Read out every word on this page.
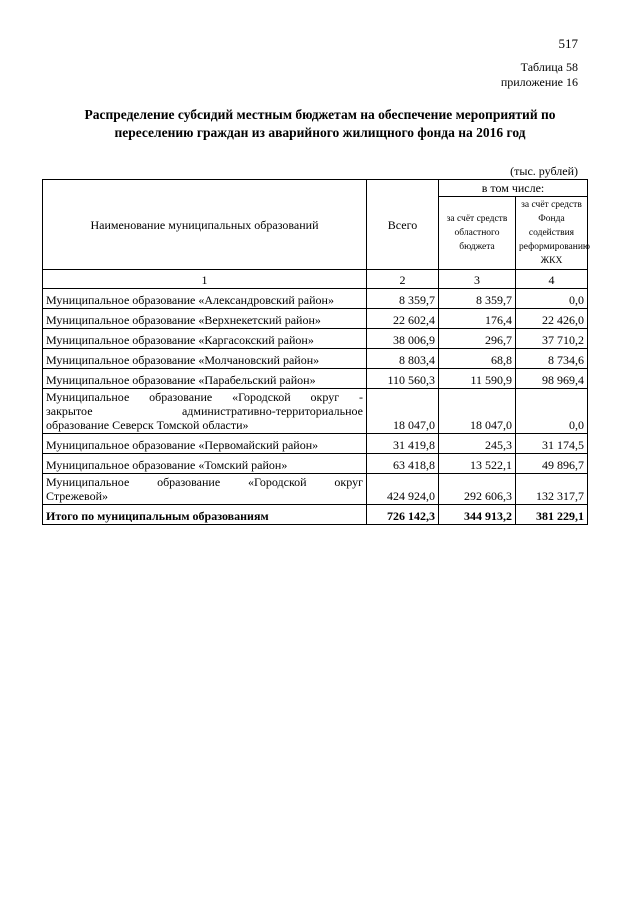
517
Таблица 58
приложение 16
Распределение субсидий местным бюджетам на обеспечение мероприятий по переселению граждан из аварийного жилищного фонда на 2016 год
(тыс. рублей)
Наименование муниципальных образований	Всего	в том числе:	
		за счёт средств областного бюджета	за счёт средств Фонда содействия реформированию ЖКХ
1	2	3	4
Муниципальное образование «Александровский район»	8 359,7	8 359,7	0,0
Муниципальное образование «Верхнекетский район»	22 602,4	176,4	22 426,0
Муниципальное образование «Каргасокский район»	38 006,9	296,7	37 710,2
Муниципальное образование «Молчановский район»	8 803,4	68,8	8 734,6
Муниципальное образование «Парабельский район»	110 560,3	11 590,9	98 969,4

Муниципальное образование «Городской округ -
закрытое административно-территориальное
образование Северск Томской области»	18 047,0	18 047,0	0,0
Муниципальное образование «Первомайский район»	31 419,8	245,3	31 174,5
Муниципальное образование «Томский район»	63 418,8	13 522,1	49 896,7

Муниципальное образование «Городской округ
Стрежевой»	424 924,0	292 606,3	132 317,7
Итого по муниципальным образованиям	726 142,3	344 913,2	381 229,1
